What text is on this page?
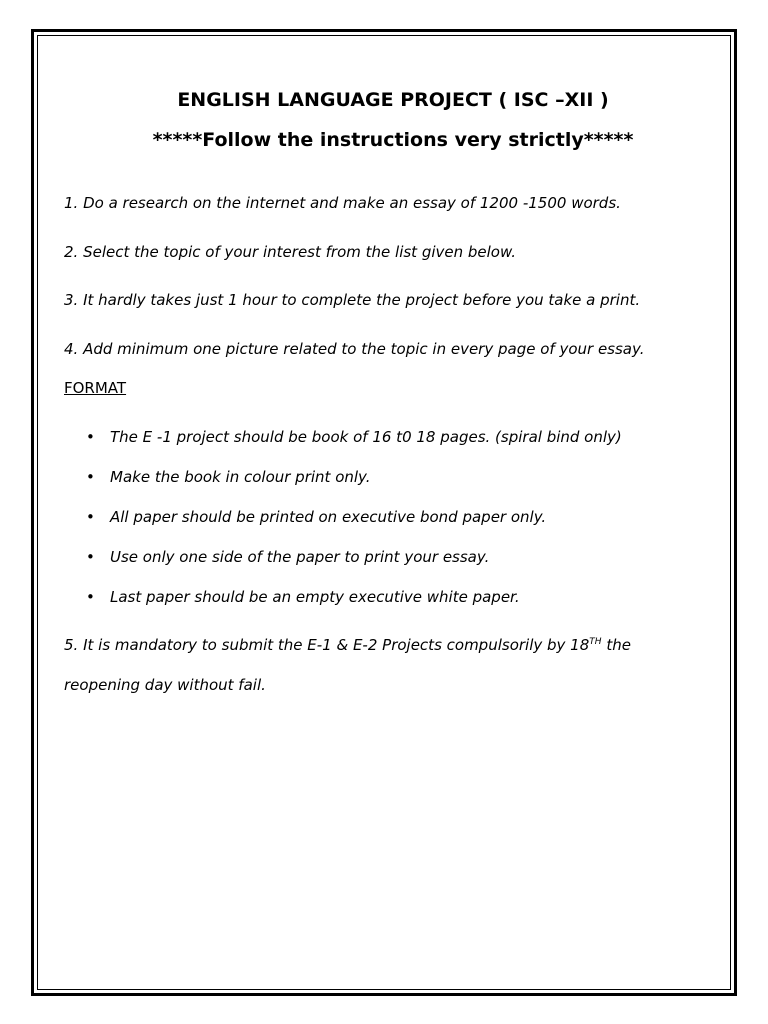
ENGLISH LANGUAGE PROJECT ( ISC –XII )
*****Follow the instructions very strictly*****

1. Do a research on the internet and make an essay of 1200 -1500 words.

2. Select the topic of your interest from the list given below.

3. It hardly takes just 1 hour to complete the project before you take a print.

4. Add minimum one picture related to the topic in every page of your essay.

FORMAT

• The E -1 project should be book of 16 t0 18 pages. (spiral bind only)
• Make the book in colour print only.
• All paper should be printed on executive bond paper only.
• Use only one side of the paper to print your essay.
• Last paper should be an empty executive white paper.

5. It is mandatory to submit the E-1 & E-2 Projects compulsorily by 18TH the

reopening day without fail.
